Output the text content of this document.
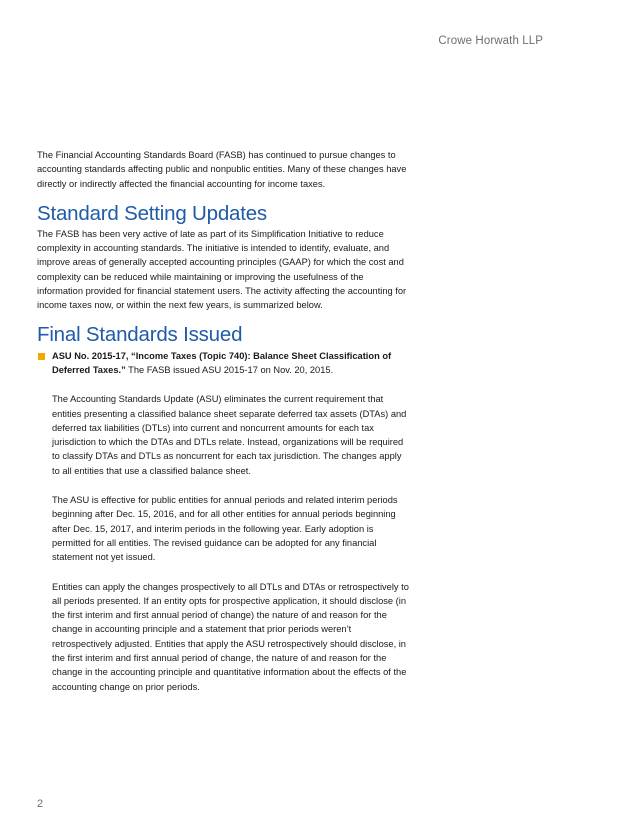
Crowe Horwath LLP

The Financial Accounting Standards Board (FASB) has continued to pursue changes to accounting standards affecting public and nonpublic entities. Many of these changes have directly or indirectly affected the financial accounting for income taxes.

Standard Setting Updates

The FASB has been very active of late as part of its Simplification Initiative to reduce complexity in accounting standards. The initiative is intended to identify, evaluate, and improve areas of generally accepted accounting principles (GAAP) for which the cost and complexity can be reduced while maintaining or improving the usefulness of the information provided for financial statement users. The activity affecting the accounting for income taxes now, or within the next few years, is summarized below.

Final Standards Issued
ASU No. 2015-17, “Income Taxes (Topic 740): Balance Sheet Classification of Deferred Taxes.” The FASB issued ASU 2015-17 on Nov. 20, 2015.

The Accounting Standards Update (ASU) eliminates the current requirement that entities presenting a classified balance sheet separate deferred tax assets (DTAs) and deferred tax liabilities (DTLs) into current and noncurrent amounts for each tax jurisdiction to which the DTAs and DTLs relate. Instead, organizations will be required to classify DTAs and DTLs as noncurrent for each tax jurisdiction. The changes apply to all entities that use a classified balance sheet.

The ASU is effective for public entities for annual periods and related interim periods beginning after Dec. 15, 2016, and for all other entities for annual periods beginning after Dec. 15, 2017, and interim periods in the following year. Early adoption is permitted for all entities. The revised guidance can be adopted for any financial statement not yet issued.

Entities can apply the changes prospectively to all DTLs and DTAs or retrospectively to all periods presented. If an entity opts for prospective application, it should disclose (in the first interim and first annual period of change) the nature of and reason for the change in accounting principle and a statement that prior periods weren’t retrospectively adjusted. Entities that apply the ASU retrospectively should disclose, in the first interim and first annual period of change, the nature of and reason for the change in the accounting principle and quantitative information about the effects of the accounting change on prior periods.

2
